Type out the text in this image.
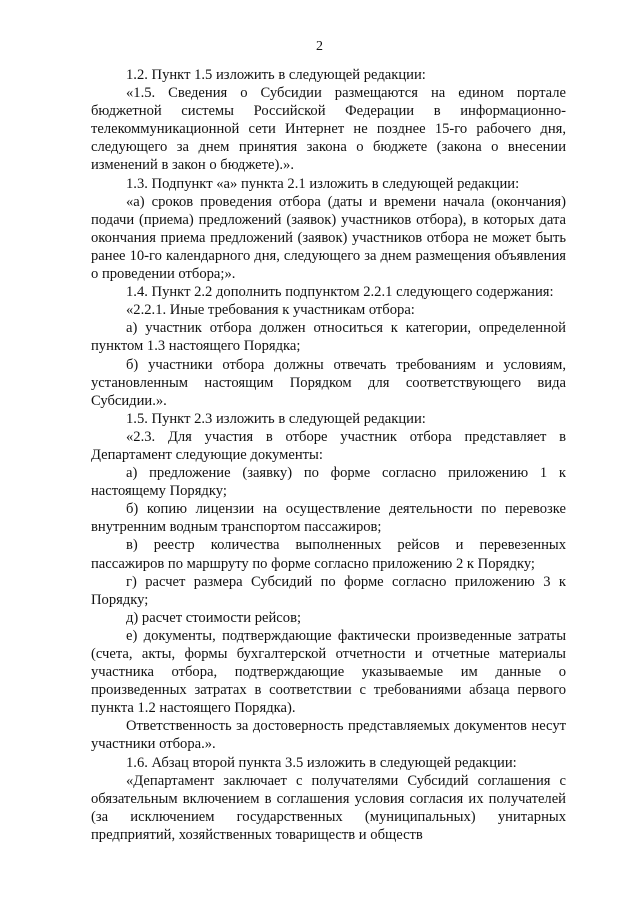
2

1.2. Пункт 1.5 изложить в следующей редакции:

«1.5. Сведения о Субсидии размещаются на едином портале бюджетной системы Российской Федерации в информационно-телекоммуникационной сети Интернет не позднее 15-го рабочего дня, следующего за днем принятия закона о бюджете (закона о внесении изменений в закон о бюджете).».

1.3. Подпункт «а» пункта 2.1 изложить в следующей редакции:

«а) сроков проведения отбора (даты и времени начала (окончания) подачи (приема) предложений (заявок) участников отбора), в которых дата окончания приема предложений (заявок) участников отбора не может быть ранее 10-го календарного дня, следующего за днем размещения объявления о проведении отбора;».

1.4. Пункт 2.2 дополнить подпунктом 2.2.1 следующего содержания:

«2.2.1. Иные требования к участникам отбора:

а) участник отбора должен относиться к категории, определенной пунктом 1.3 настоящего Порядка;

б) участники отбора должны отвечать требованиям и условиям, установленным настоящим Порядком для соответствующего вида Субсидии.».

1.5. Пункт 2.3 изложить в следующей редакции:

«2.3. Для участия в отборе участник отбора представляет в Департамент следующие документы:

а) предложение (заявку) по форме согласно приложению 1 к настоящему Порядку;

б) копию лицензии на осуществление деятельности по перевозке внутренним водным транспортом пассажиров;

в) реестр количества выполненных рейсов и перевезенных пассажиров по маршруту по форме согласно приложению 2 к Порядку;

г) расчет размера Субсидий по форме согласно приложению 3 к Порядку;

д) расчет стоимости рейсов;

е) документы, подтверждающие фактически произведенные затраты (счета, акты, формы бухгалтерской отчетности и отчетные материалы участника отбора, подтверждающие указываемые им данные о произведенных затратах в соответствии с требованиями абзаца первого пункта 1.2 настоящего Порядка).

Ответственность за достоверность представляемых документов несут участники отбора.».

1.6. Абзац второй пункта 3.5 изложить в следующей редакции:

«Департамент заключает с получателями Субсидий соглашения с обязательным включением в соглашения условия согласия их получателей (за исключением государственных (муниципальных) унитарных предприятий, хозяйственных товариществ и обществ
